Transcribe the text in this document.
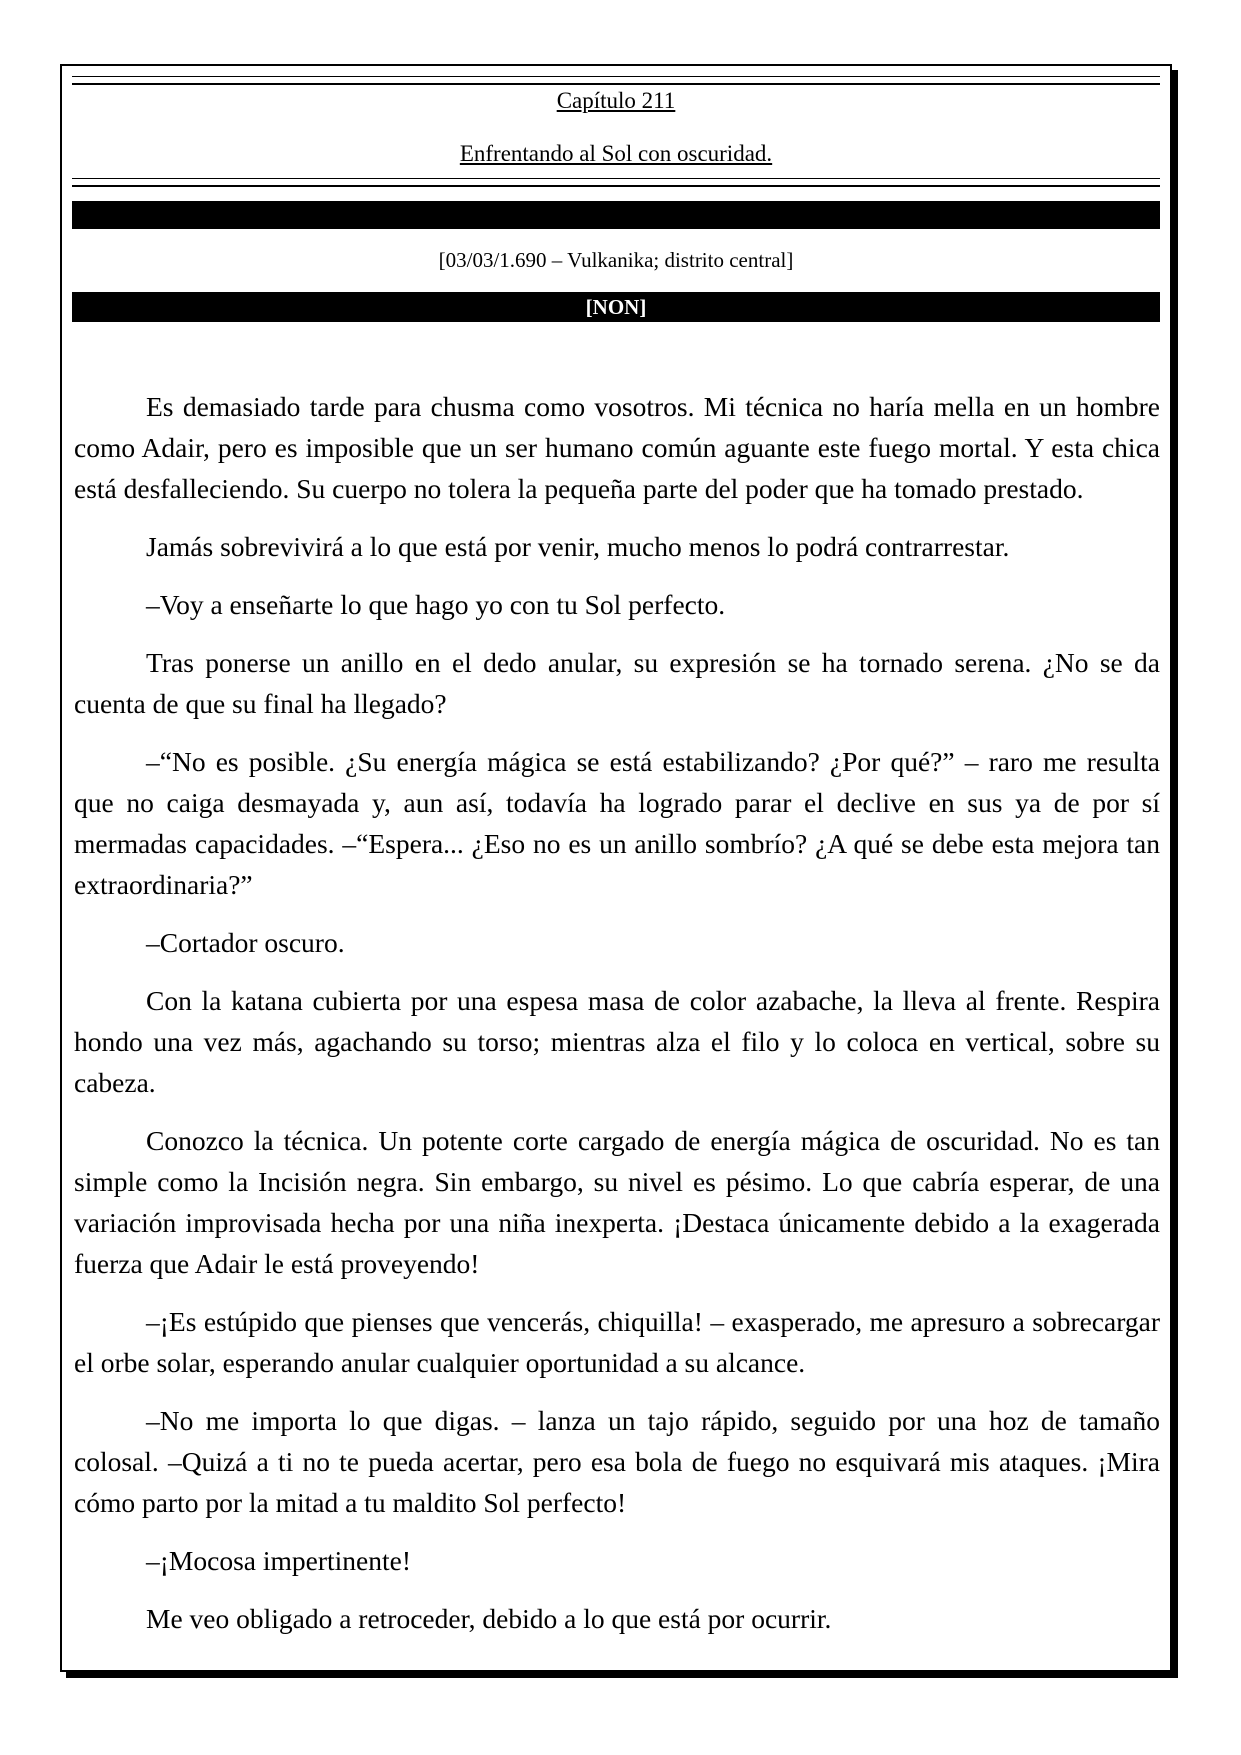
Capítulo 211
Enfrentando al Sol con oscuridad.
[03/03/1.690 – Vulkanika; distrito central]
[NON]

Es demasiado tarde para chusma como vosotros. Mi técnica no haría mella en un hombre como Adair, pero es imposible que un ser humano común aguante este fuego mortal. Y esta chica está desfalleciendo. Su cuerpo no tolera la pequeña parte del poder que ha tomado prestado.

Jamás sobrevivirá a lo que está por venir, mucho menos lo podrá contrarrestar.

–Voy a enseñarte lo que hago yo con tu Sol perfecto.

Tras ponerse un anillo en el dedo anular, su expresión se ha tornado serena. ¿No se da cuenta de que su final ha llegado?

–“No es posible. ¿Su energía mágica se está estabilizando? ¿Por qué?” – raro me resulta que no caiga desmayada y, aun así, todavía ha logrado parar el declive en sus ya de por sí mermadas capacidades. –“Espera... ¿Eso no es un anillo sombrío? ¿A qué se debe esta mejora tan extraordinaria?”

–Cortador oscuro.

Con la katana cubierta por una espesa masa de color azabache, la lleva al frente. Respira hondo una vez más, agachando su torso; mientras alza el filo y lo coloca en vertical, sobre su cabeza.

Conozco la técnica. Un potente corte cargado de energía mágica de oscuridad. No es tan simple como la Incisión negra. Sin embargo, su nivel es pésimo. Lo que cabría esperar, de una variación improvisada hecha por una niña inexperta. ¡Destaca únicamente debido a la exagerada fuerza que Adair le está proveyendo!

–¡Es estúpido que pienses que vencerás, chiquilla! – exasperado, me apresuro a sobrecargar el orbe solar, esperando anular cualquier oportunidad a su alcance.

–No me importa lo que digas. – lanza un tajo rápido, seguido por una hoz de tamaño colosal. –Quizá a ti no te pueda acertar, pero esa bola de fuego no esquivará mis ataques. ¡Mira cómo parto por la mitad a tu maldito Sol perfecto!

–¡Mocosa impertinente!

Me veo obligado a retroceder, debido a lo que está por ocurrir.
